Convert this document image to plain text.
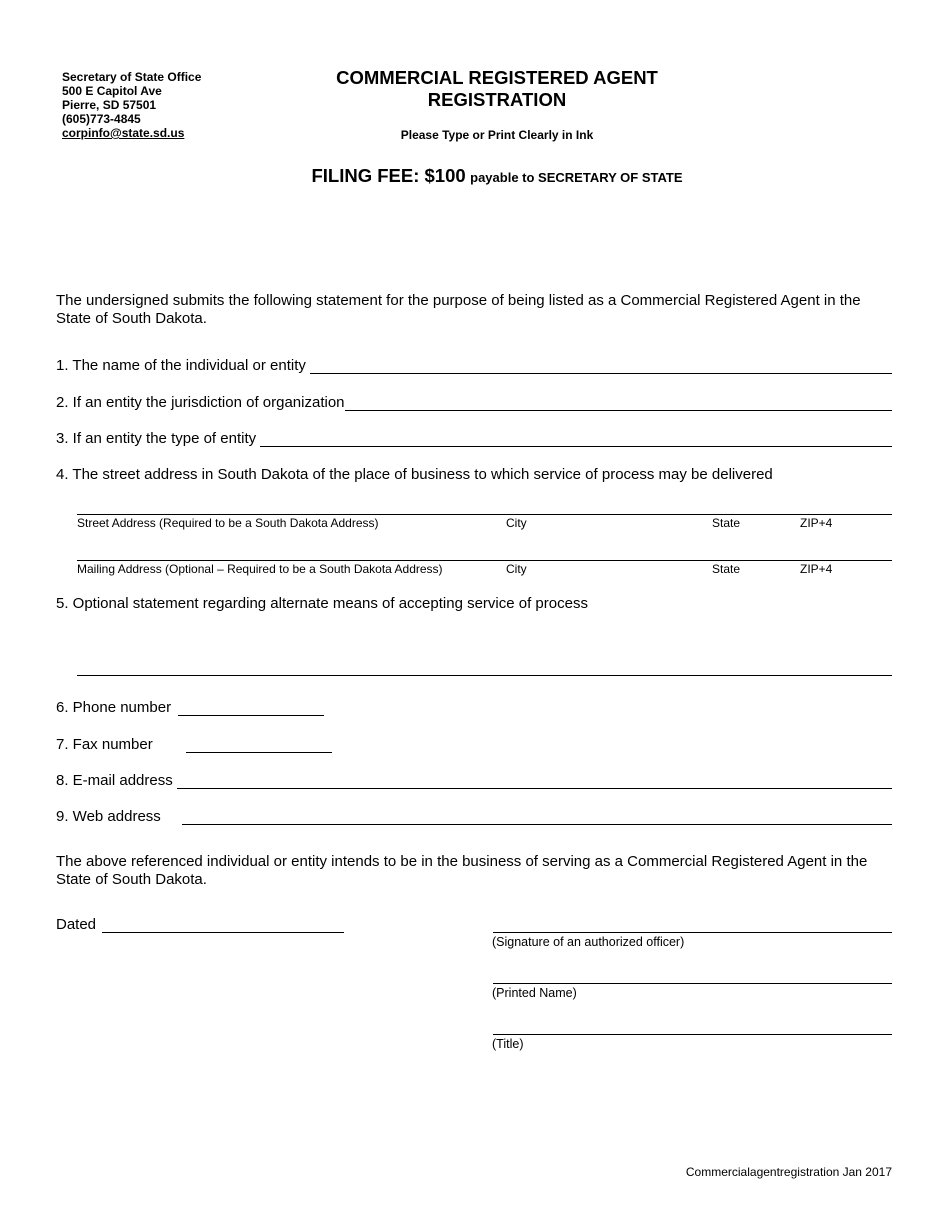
Secretary of State Office
500 E Capitol Ave
Pierre, SD 57501
(605)773-4845
corpinfo@state.sd.us
COMMERCIAL REGISTERED AGENT
REGISTRATION
Please Type or Print Clearly in Ink
FILING FEE: $100 payable to SECRETARY OF STATE
The undersigned submits the following statement for the purpose of being listed as a Commercial Registered Agent in the State of South Dakota.
1. The name of the individual or entity
2. If an entity the jurisdiction of organization
3. If an entity the type of entity
4. The street address in South Dakota of the place of business to which service of process may be delivered
Street Address (Required to be a South Dakota Address)	City	State	ZIP+4
Mailing Address (Optional – Required to be a South Dakota Address)	City	State	ZIP+4
5. Optional statement regarding alternate means of accepting service of process
6. Phone number
7. Fax number
8. E-mail address
9. Web address
The above referenced individual or entity intends to be in the business of serving as a Commercial Registered Agent in the State of South Dakota.
Dated
(Signature of an authorized officer)
(Printed Name)
(Title)
Commercialagentregistration Jan 2017
